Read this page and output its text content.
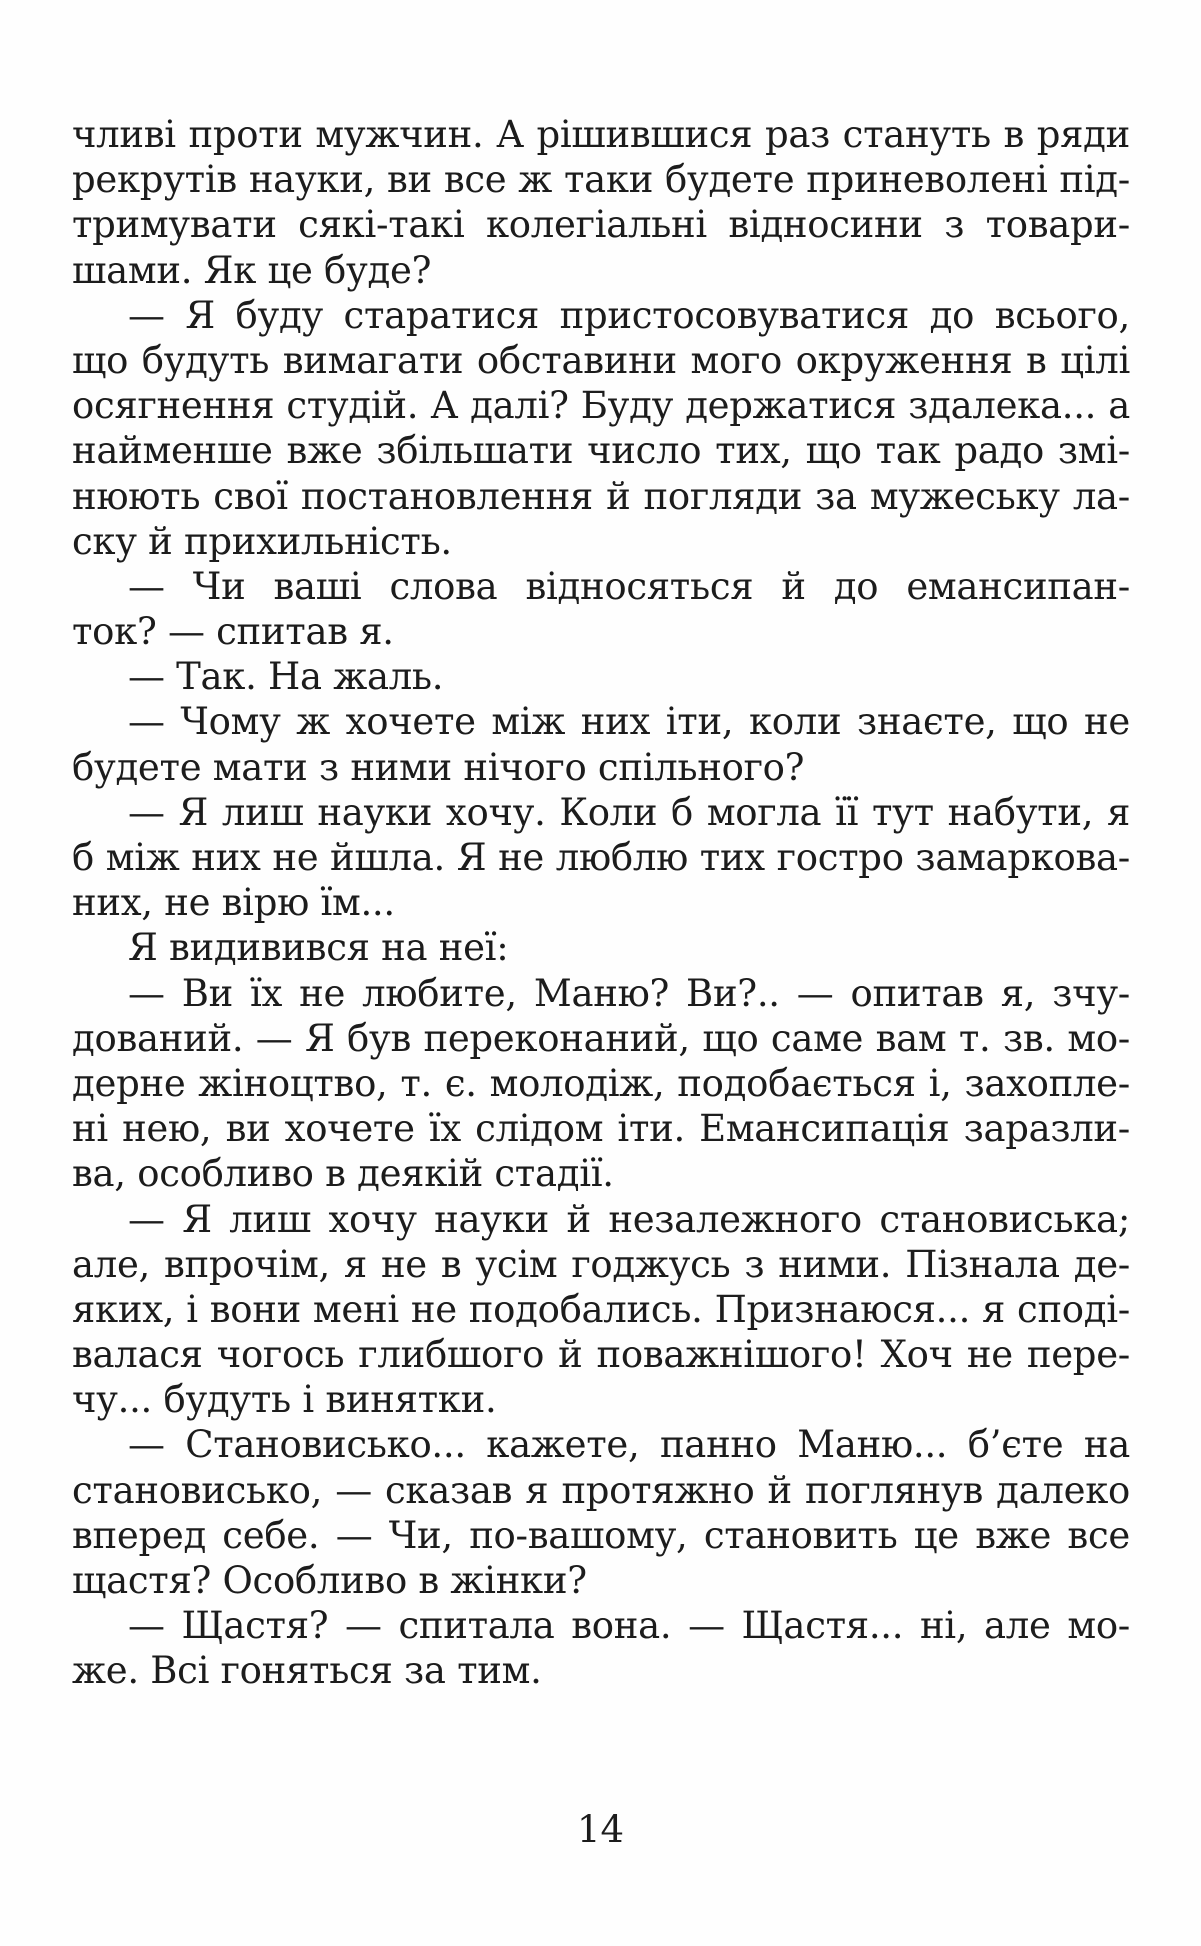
чливі проти мужчин. А рішившися раз стануть в ряди
рекрутів науки, ви все ж таки будете приневолені під-
тримувати сякі-такі колегіальні відносини з товари-
шами. Як це буде?
— Я буду старатися пристосовуватися до всього,
що будуть вимагати обставини мого окруження в цілі
осягнення студій. А далі? Буду держатися здалека... а
найменше вже збільшати число тих, що так радо змі-
нюють свої постановлення й погляди за мужеську ла-
ску й прихильність.
— Чи ваші слова відносяться й до емансипан-
ток? — спитав я.
— Так. На жаль.
— Чому ж хочете між них іти, коли знаєте, що не
будете мати з ними нічого спільного?
— Я лиш науки хочу. Коли б могла її тут набути, я
б між них не йшла. Я не люблю тих гостро замаркова-
них, не вірю їм...
Я видивився на неї:
— Ви їх не любите, Маню? Ви?.. — опитав я, зчу-
дований. — Я був переконаний, що саме вам т. зв. мо-
дерне жіноцтво, т. є. молодіж, подобається і, захопле-
ні нею, ви хочете їх слідом іти. Емансипація заразли-
ва, особливо в деякій стадії.
— Я лиш хочу науки й незалежного становиська;
але, впрочім, я не в усім годжусь з ними. Пізнала де-
яких, і вони мені не подобались. Признаюся... я сподi-
валася чогось глибшого й поважнішого! Хоч не пере-
чу... будуть і винятки.
— Становисько... кажете, панно Маню... б’єте на
становисько, — сказав я протяжно й поглянув далеко
вперед себе. — Чи, по-вашому, становить це вже все
щастя? Особливо в жінки?
— Щастя? — спитала вона. — Щастя... ні, але мо-
же. Всі гоняться за тим.
14
